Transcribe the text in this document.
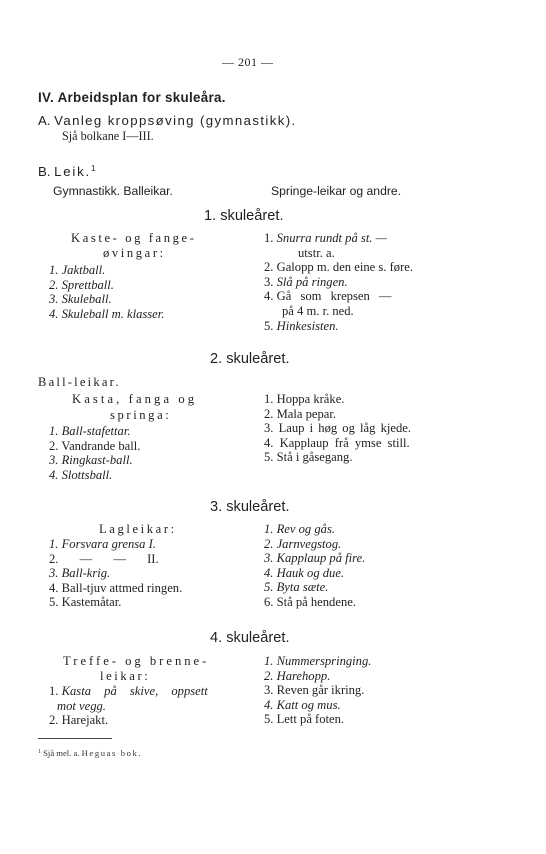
— 201 —
IV. Arbeidsplan for skuleåra.
A. Vanleg kroppsøving (gymnastikk).
Sjå bolkane I—III.
B. Leik.$^1$
Gymnastikk. Balleikar.	Springe-leikar og andre.
1. skuleåret.
Kaste- og fange-
øvingar:
1. Jaktball.
2. Sprettball.
3. Skuleball.
4. Skuleball m. klasser.
1. Snurra rundt på st. —
utstr. a.
2. Galopp m. den eine s. føre.
3. Slå på ringen.
4. Gå som krepsen —
på 4 m. r. ned.
5. Hinkesisten.
2. skuleåret.
Ball-leikar.
Kasta, fanga og
springa:
1. Ball-stafettar.
2. Vandrande ball.
3. Ringkast-ball.
4. Slottsball.
1. Hoppa kråke.
2. Mala pepar.
3. Laup i høg og låg kjede.
4. Kapplaup frå ymse still.
5. Stå i gåsegang.
3. skuleåret.
Lagleikar:
1. Forsvara grensa I.
2. — — II.
3. Ball-krig.
4. Ball-tjuv attmed ringen.
5. Kastemåtar.
1. Rev og gås.
2. Jarnvegstog.
3. Kapplaup på fire.
4. Hauk og due.
5. Byta sæte.
6. Stå på hendene.
4. skuleåret.
Treffe- og brenne-
leikar:
1. Kasta på skive, oppsett
mot vegg.
2. Harejakt.
1. Nummerspringing.
2. Harehopp.
3. Reven går ikring.
4. Katt og mus.
5. Lett på foten.
$^1$ Sjå mel. a. Heguas bok.
